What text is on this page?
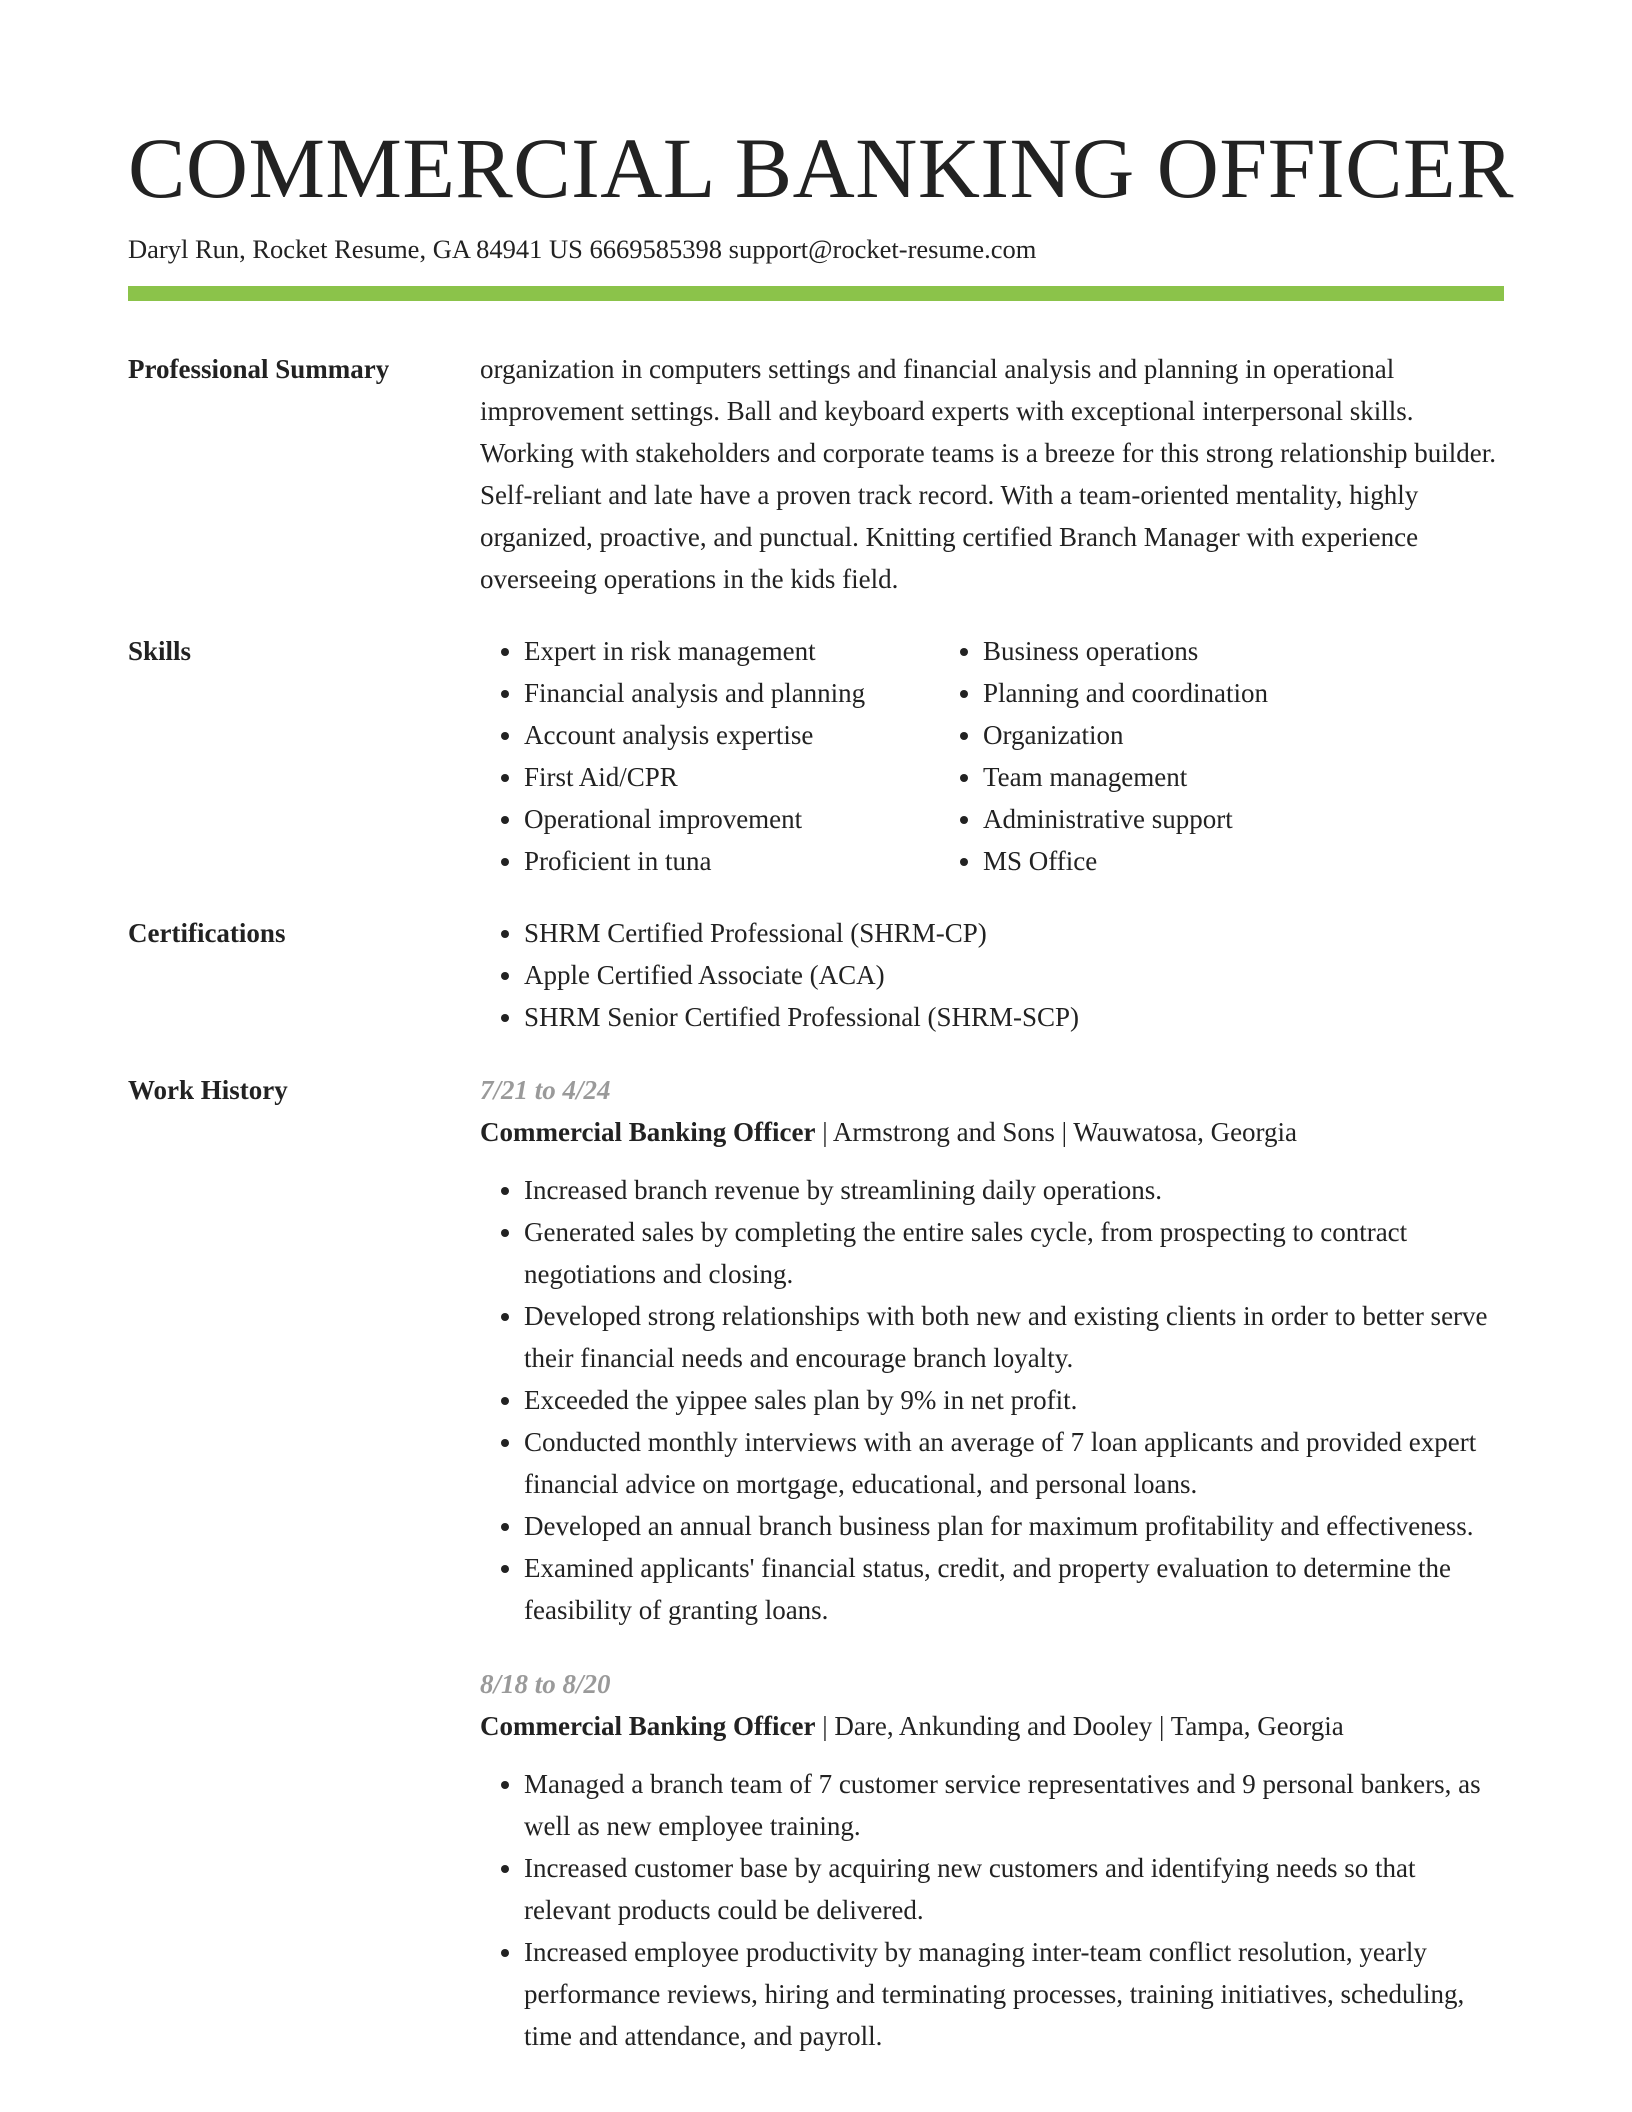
COMMERCIAL BANKING OFFICER
Daryl Run, Rocket Resume, GA 84941 US 6669585398 support@rocket-resume.com
Professional Summary	organization in computers settings and financial analysis and planning in operational improvement settings. Ball and keyboard experts with exceptional interpersonal skills. Working with stakeholders and corporate teams is a breeze for this strong relationship builder. Self-reliant and late have a proven track record. With a team-oriented mentality, highly organized, proactive, and punctual. Knitting certified Branch Manager with experience overseeing operations in the kids field.

Skills	• Expert in risk management
• Financial analysis and planning
• Account analysis expertise
• First Aid/CPR
• Operational improvement
• Proficient in tuna
• Business operations
• Planning and coordination
• Organization
• Team management
• Administrative support
• MS Office
Certifications	• SHRM Certified Professional (SHRM-CP)
• Apple Certified Associate (ACA)
• SHRM Senior Certified Professional (SHRM-SCP)
Work History	7/21 to 4/24
Commercial Banking Officer | Armstrong and Sons | Wauwatosa, Georgia
• Increased branch revenue by streamlining daily operations.
• Generated sales by completing the entire sales cycle, from prospecting to contract negotiations and closing.
• Developed strong relationships with both new and existing clients in order to better serve their financial needs and encourage branch loyalty.
• Exceeded the yippee sales plan by 9% in net profit.
• Conducted monthly interviews with an average of 7 loan applicants and provided expert financial advice on mortgage, educational, and personal loans.
• Developed an annual branch business plan for maximum profitability and effectiveness.
• Examined applicants' financial status, credit, and property evaluation to determine the feasibility of granting loans.
8/18 to 8/20
Commercial Banking Officer | Dare, Ankunding and Dooley | Tampa, Georgia
• Managed a branch team of 7 customer service representatives and 9 personal bankers, as well as new employee training.
• Increased customer base by acquiring new customers and identifying needs so that relevant products could be delivered.
• Increased employee productivity by managing inter-team conflict resolution, yearly performance reviews, hiring and terminating processes, training initiatives, scheduling, time and attendance, and payroll.
